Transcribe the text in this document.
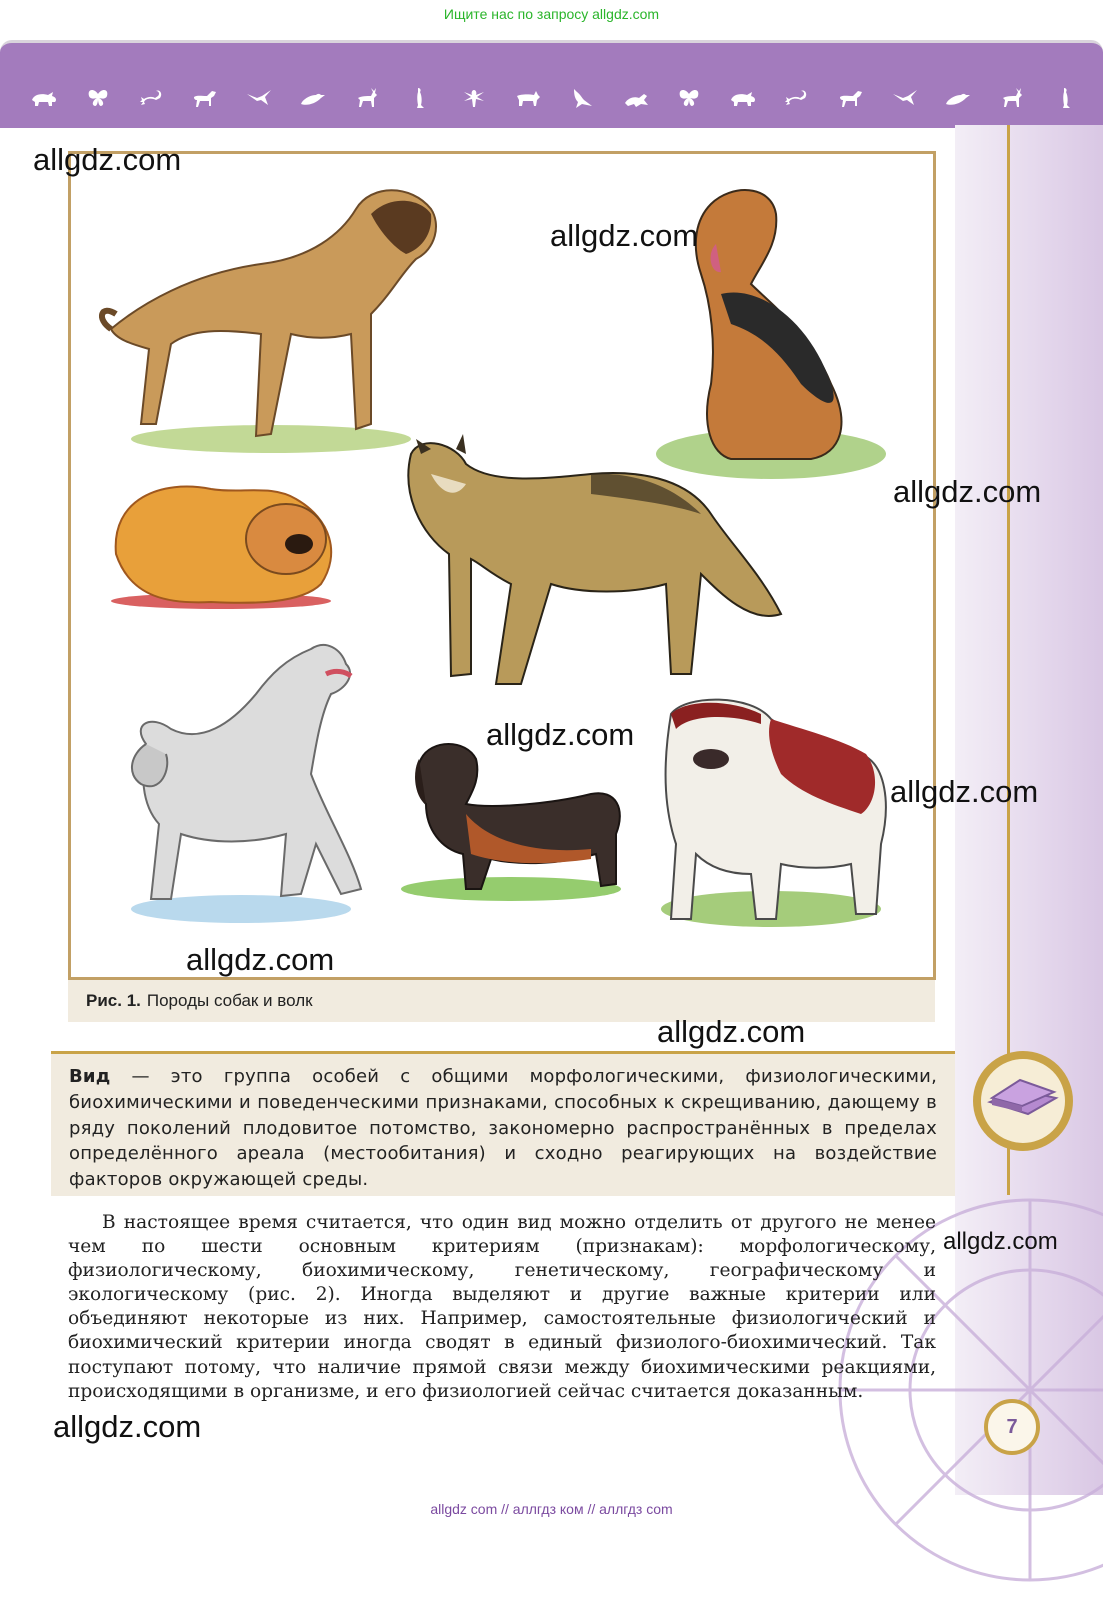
Ищите нас по запросу allgdz.com
Рис. 1. Породы собак и волк
Вид — это группа особей с общими морфологическими, физиологическими, биохимическими и поведенческими признаками, способных к скрещиванию, дающему в ряду поколений плодовитое потомство, закономерно распространённых в пределах определённого ареала (местообитания) и сходно реагирующих на воздействие факторов окружающей среды.

В настоящее время считается, что один вид можно отделить от другого не менее чем по шести основным критериям (признакам): морфологическому, физиологическому, биохимическому, генетическому, географическому и экологическому (рис. 2). Иногда выделяют и другие важные критерии или объединяют некоторые из них. Например, самостоятельные физиологический и биохимический критерии иногда сводят в единый физиолого-биохимический. Так поступают потому, что наличие прямой связи между биохимическими реакциями, происходящими в организме, и его физиологией сейчас считается доказанным.

7
allgdz.com
allgdz.com
allgdz.com
allgdz.com
allgdz.com
allgdz.com
allgdz.com
allgdz.com
allgdz.com
allgdz com // аллгдз ком // аллгдз com
